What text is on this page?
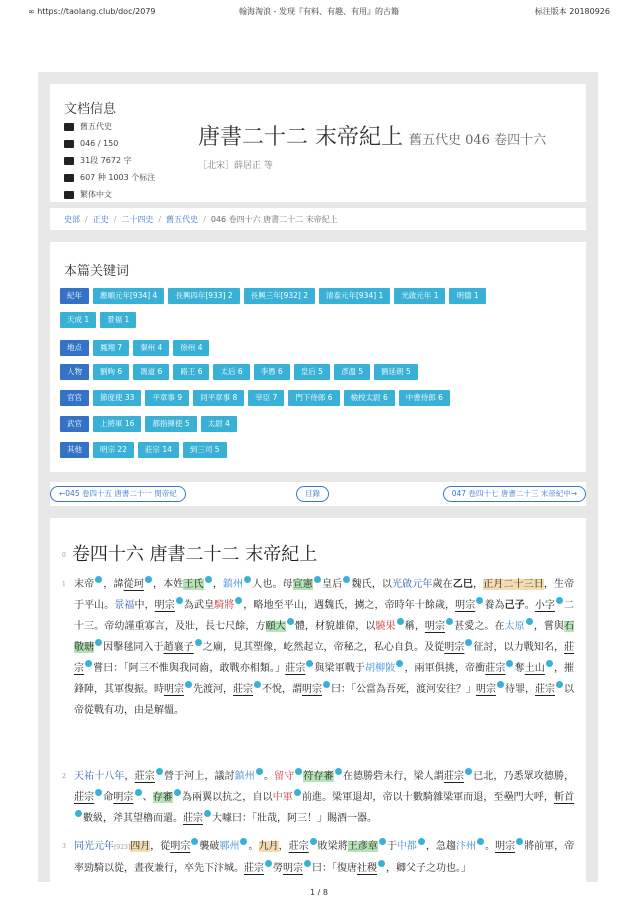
∞ https://taolang.club/doc/2079	翰海淘浪 - 发现『有料、有趣、有用』的古籍	标注版本 20180926
文档信息
舊五代史
046 / 150
31段 7672 字
607 种 1003 个标注
繁体中文
唐書二十二 末帝紀上 舊五代史 046 卷四十六
［北宋］薛居正 等
史部 / 正史 / 二十四史 / 舊五代史 / 046 卷四十六 唐書二十二 末帝紀上
本篇关键词
紀年	應順元年[934] 4	長興四年[933] 2	長興三年[932] 2	清泰元年[934] 1	光啟元年 1	明德 1
天成 1	景福 1
地点	鳳翔 7	秦州 4	徐州 4
人物	劉昫 6	馮道 6	路王 6	太后 6	李愚 6	皇后 5	彥溫 5	劉延朗 5
官官	節度使 33	平章事 9	同平章事 8	宰臣 7	門下侍郎 6	檢校太尉 6	中書侍郎 6
武官	上將軍 16	都指揮使 5	太尉 4
其他	明宗 22	莊宗 14	到三司 5
←045 卷四十五 唐書二十一 閔帝紀	目錄	047 卷四十七 唐書二十三 末帝紀中→
0 卷四十六 唐書二十二 末帝紀上
1 末帝 ，諱從珂 ，本姓王氏 ，鎮州 人也。母宣憲 皇后 魏氏，以光啟元年歲在乙巳，正月二十三日，生帝于平山。景福中，明宗 為武皇騎將 ，略地至平山，遇魏氏，擄之，帝時年十餘歲，明宗 養為己子。小字 二十三。帝幼謹重寡言，及壯，長七尺餘，方頤大 體，材貌雄偉，以驍果 稱，明宗 甚愛之。在太原 ，嘗與石敬瑭 因擊毬同入于趙襄子 之廟，見其塑像，屹然起立，帝秘之，私心自負。及從明宗 征討，以力戰知名，莊宗 嘗曰：「阿三不惟與我同齒，敢戰亦相類。」莊宗 與梁軍戰于胡柳陂 ，兩軍俱挑，帝衝莊宗 奪土山 ，摧鋒陣，其軍復振。時明宗 先渡河，莊宗 不悅，謂明宗 曰：「公當為吾死，渡河安往？」明宗 待罪，莊宗 以帝從戰有功，由是解慍。
2 天祐十八年，莊宗 營于河上，議討鎮州 。留守 符存審 在德勝砦未行，梁人謂莊宗 已北，乃悉眾攻德勝，莊宗 命明宗 、存審 為兩翼以抗之，自以中軍 前進。梁軍退却，帝以十數騎雜梁軍而退，至壘門大呼，斬首數級，斧其望櫓而還。莊宗 大噱曰：「壯哉，阿三！」賜酒一器。
3 同光元年[923]四月，從明宗 襲破鄆州 。九月，莊宗 敗梁將王彥章 于中都 ，急趨汴州 。明宗 將前軍，帝率勁騎以從，晝夜兼行，卒先下汴城。莊宗 勞明宗 曰：「復唐社稷 ，卿父子之功也。」
1 / 8
